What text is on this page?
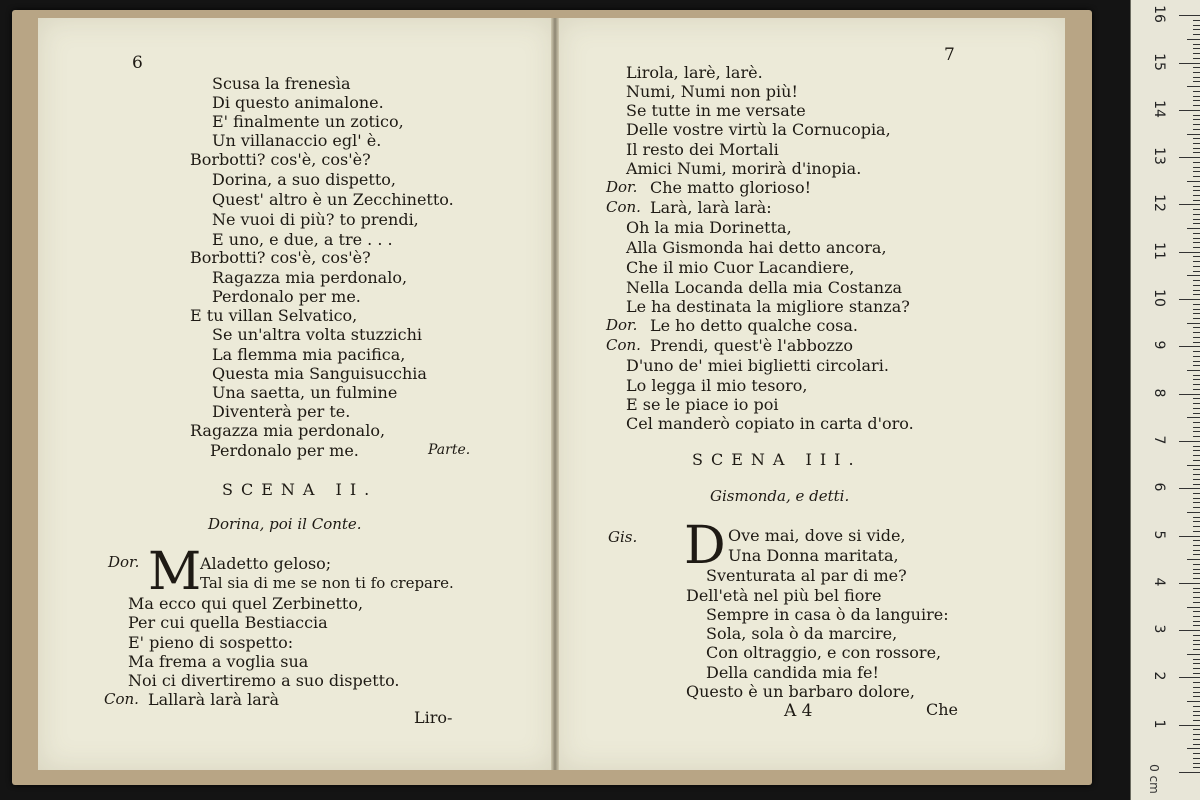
6
Scusa la frenesìa
Di questo animalone.
E' finalmente un zotico,
Un villanaccio egl' è.
Borbotti? cos'è, cos'è?
Dorina, a suo dispetto,
Quest' altro è un Zecchinetto.
Ne vuoi di più? to prendi,
E uno, e due, a tre . . .
Borbotti? cos'è, cos'è?
Ragazza mia perdonalo,
Perdonalo per me.
E tu villan Selvatico,
Se un'altra volta stuzzichi
La flemma mia pacifica,
Questa mia Sanguisucchia
Una saetta, un fulmine
Diventerà per te.
Ragazza mia perdonalo,
Perdonalo per me.	Parte.
SCENA II.
Dorina, poi il Conte.
Dor. M
Aladetto geloso;
Tal sia di me se non ti fo crepare.
Ma ecco qui quel Zerbinetto,
Per cui quella Bestiaccia
E' pieno di sospetto:
Ma frema a voglia sua
Noi ci divertiremo a suo dispetto.
Con. Lallarà larà larà
Liro-
7
Lirola, larè, larè.
Numi, Numi non più!
Se tutte in me versate
Delle vostre virtù la Cornucopia,
Il resto dei Mortali
Amici Numi, morirà d'inopia.
Dor. Che matto glorioso!
Con. Larà, larà larà:
Oh la mia Dorinetta,
Alla Gismonda hai detto ancora,
Che il mio Cuor Lacandiere,
Nella Locanda della mia Costanza
Le ha destinata la migliore stanza?
Dor. Le ho detto qualche cosa.
Con. Prendi, quest'è l'abbozzo
D'uno de' miei biglietti circolari.
Lo legga il mio tesoro,
E se le piace io poi
Cel manderò copiato in carta d'oro.
SCENA III.
Gismonda, e detti.
Gis. D Ove mai, dove si vide,
Una Donna maritata,
Sventurata al par di me?
Dell'età nel più bel fiore
Sempre in casa ò da languire:
Sola, sola ò da marcire,
Con oltraggio, e con rossore,
Della candida mia fe!
Questo è un barbaro dolore,
A 4	Che
0 cm
1
2
3
4
5
6
7
8
9
10
11
12
13
14
15
16
